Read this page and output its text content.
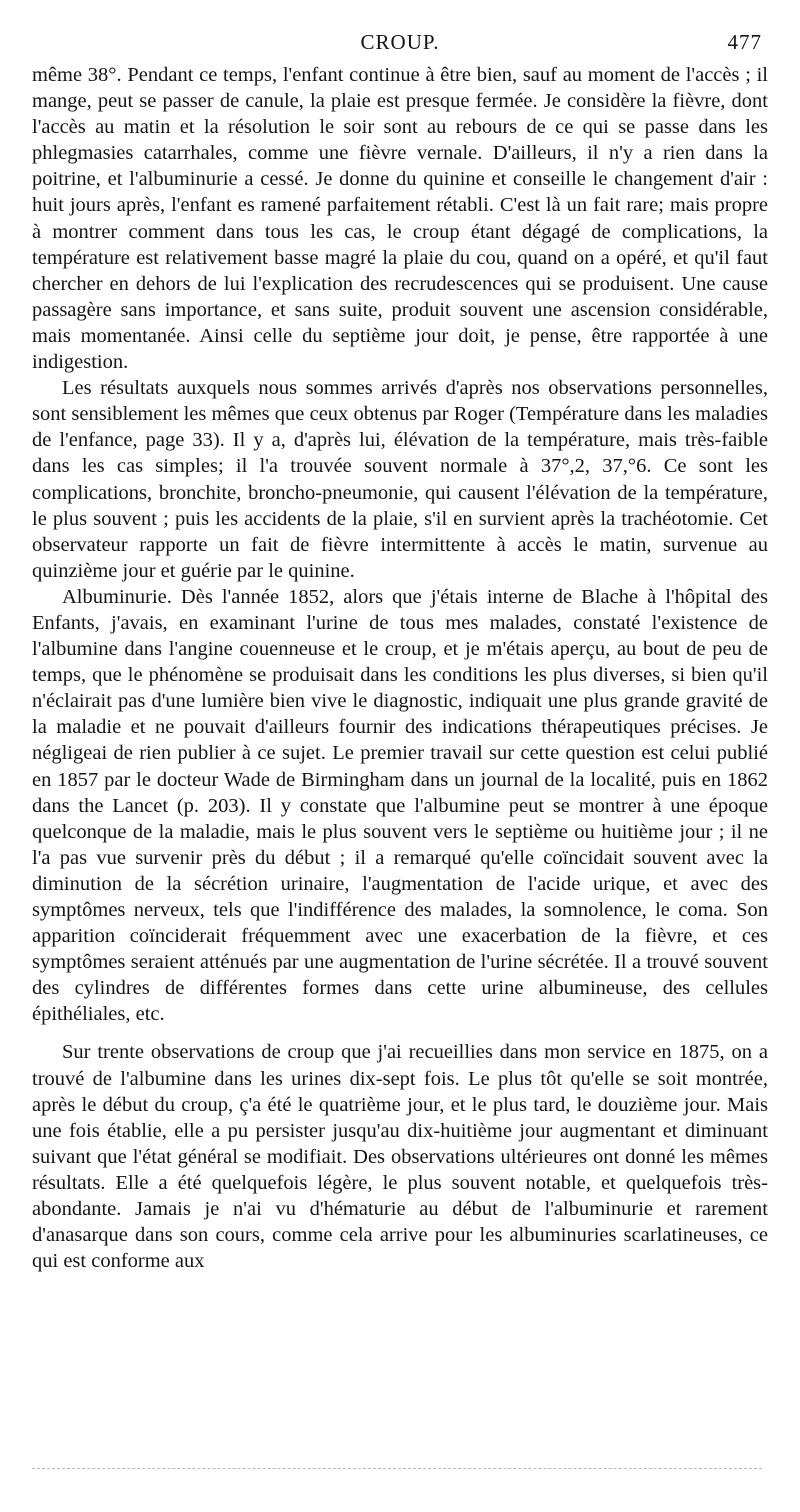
CROUP.	477

même 38°. Pendant ce temps, l'enfant continue à être bien, sauf au moment de l'accès ; il mange, peut se passer de canule, la plaie est presque fermée. Je considère la fièvre, dont l'accès au matin et la résolution le soir sont au rebours de ce qui se passe dans les phlegmasies catarrhales, comme une fièvre vernale. D'ailleurs, il n'y a rien dans la poitrine, et l'albuminurie a cessé. Je donne du quinine et conseille le changement d'air : huit jours après, l'enfant es ramené parfaitement rétabli. C'est là un fait rare; mais propre à montrer comment dans tous les cas, le croup étant dégagé de complications, la température est relativement basse magré la plaie du cou, quand on a opéré, et qu'il faut chercher en dehors de lui l'explication des recrudescences qui se produisent. Une cause passagère sans importance, et sans suite, produit souvent une ascension considérable, mais momentanée. Ainsi celle du septième jour doit, je pense, être rapportée à une indigestion.

Les résultats auxquels nous sommes arrivés d'après nos observations personnelles, sont sensiblement les mêmes que ceux obtenus par Roger (Température dans les maladies de l'enfance, page 33). Il y a, d'après lui, élévation de la température, mais très-faible dans les cas simples; il l'a trouvée souvent normale à 37°,2, 37,°6. Ce sont les complications, bronchite, broncho-pneumonie, qui causent l'élévation de la température, le plus souvent ; puis les accidents de la plaie, s'il en survient après la trachéotomie. Cet observateur rapporte un fait de fièvre intermittente à accès le matin, survenue au quinzième jour et guérie par le quinine.

Albuminurie. Dès l'année 1852, alors que j'étais interne de Blache à l'hôpital des Enfants, j'avais, en examinant l'urine de tous mes malades, constaté l'existence de l'albumine dans l'angine couenneuse et le croup, et je m'étais aperçu, au bout de peu de temps, que le phénomène se produisait dans les conditions les plus diverses, si bien qu'il n'éclairait pas d'une lumière bien vive le diagnostic, indiquait une plus grande gravité de la maladie et ne pouvait d'ailleurs fournir des indications thérapeutiques précises. Je négligeai de rien publier à ce sujet. Le premier travail sur cette question est celui publié en 1857 par le docteur Wade de Birmingham dans un journal de la localité, puis en 1862 dans the Lancet (p. 203). Il y constate que l'albumine peut se montrer à une époque quelconque de la maladie, mais le plus souvent vers le septième ou huitième jour ; il ne l'a pas vue survenir près du début ; il a remarqué qu'elle coïncidait souvent avec la diminution de la sécrétion urinaire, l'augmentation de l'acide urique, et avec des symptômes nerveux, tels que l'indifférence des malades, la somnolence, le coma. Son apparition coïnciderait fréquemment avec une exacerbation de la fièvre, et ces symptômes seraient atténués par une augmentation de l'urine sécrétée. Il a trouvé souvent des cylindres de différentes formes dans cette urine albumineuse, des cellules épithéliales, etc.

Sur trente observations de croup que j'ai recueillies dans mon service en 1875, on a trouvé de l'albumine dans les urines dix-sept fois. Le plus tôt qu'elle se soit montrée, après le début du croup, ç'a été le quatrième jour, et le plus tard, le douzième jour. Mais une fois établie, elle a pu persister jusqu'au dix-huitième jour augmentant et diminuant suivant que l'état général se modifiait. Des observations ultérieures ont donné les mêmes résultats. Elle a été quelquefois légère, le plus souvent notable, et quelquefois très-abondante. Jamais je n'ai vu d'hématurie au début de l'albuminurie et rarement d'anasarque dans son cours, comme cela arrive pour les albuminuries scarlatineuses, ce qui est conforme aux
